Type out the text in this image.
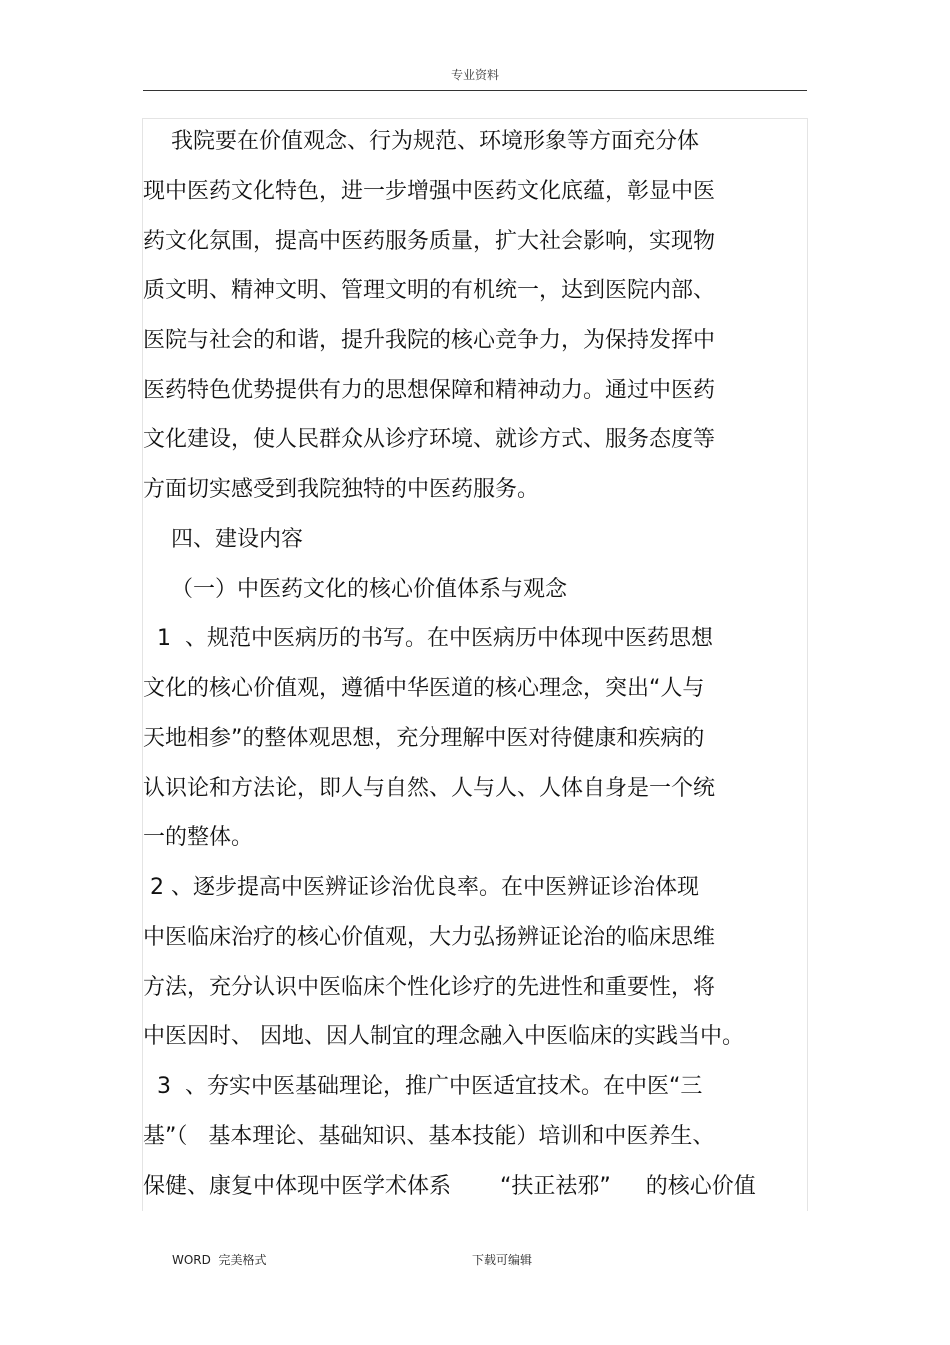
专业资料
我院要在价值观念、行为规范、环境形象等方面充分体
现中医药文化特色，进一步增强中医药文化底蕴，彰显中医
药文化氛围，提高中医药服务质量，扩大社会影响，实现物
质文明、精神文明、管理文明的有机统一，达到医院内部、
医院与社会的和谐，提升我院的核心竞争力，为保持发挥中
医药特色优势提供有力的思想保障和精神动力。通过中医药
文化建设，使人民群众从诊疗环境、就诊方式、服务态度等
方面切实感受到我院独特的中医药服务。
四、建设内容
（一）中医药文化的核心价值体系与观念
1  、规范中医病历的书写。在中医病历中体现中医药思想
文化的核心价值观，遵循中华医道的核心理念，突出“人与
天地相参”的整体观思想，充分理解中医对待健康和疾病的
认识论和方法论，即人与自然、人与人、人体自身是一个统
一的整体。
2 、逐步提高中医辨证诊治优良率。在中医辨证诊治体现
中医临床治疗的核心价值观，大力弘扬辨证论治的临床思维
方法，充分认识中医临床个性化诊疗的先进性和重要性，将
中医因时、 因地、因人制宜的理念融入中医临床的实践当中。
3  、夯实中医基础理论，推广中医适宜技术。在中医“三
基”（   基本理论、基础知识、基本技能）培训和中医养生、
保健、康复中体现中医学术体系       “扶正祛邪”     的核心价值
WORD  完美格式	下载可编辑
